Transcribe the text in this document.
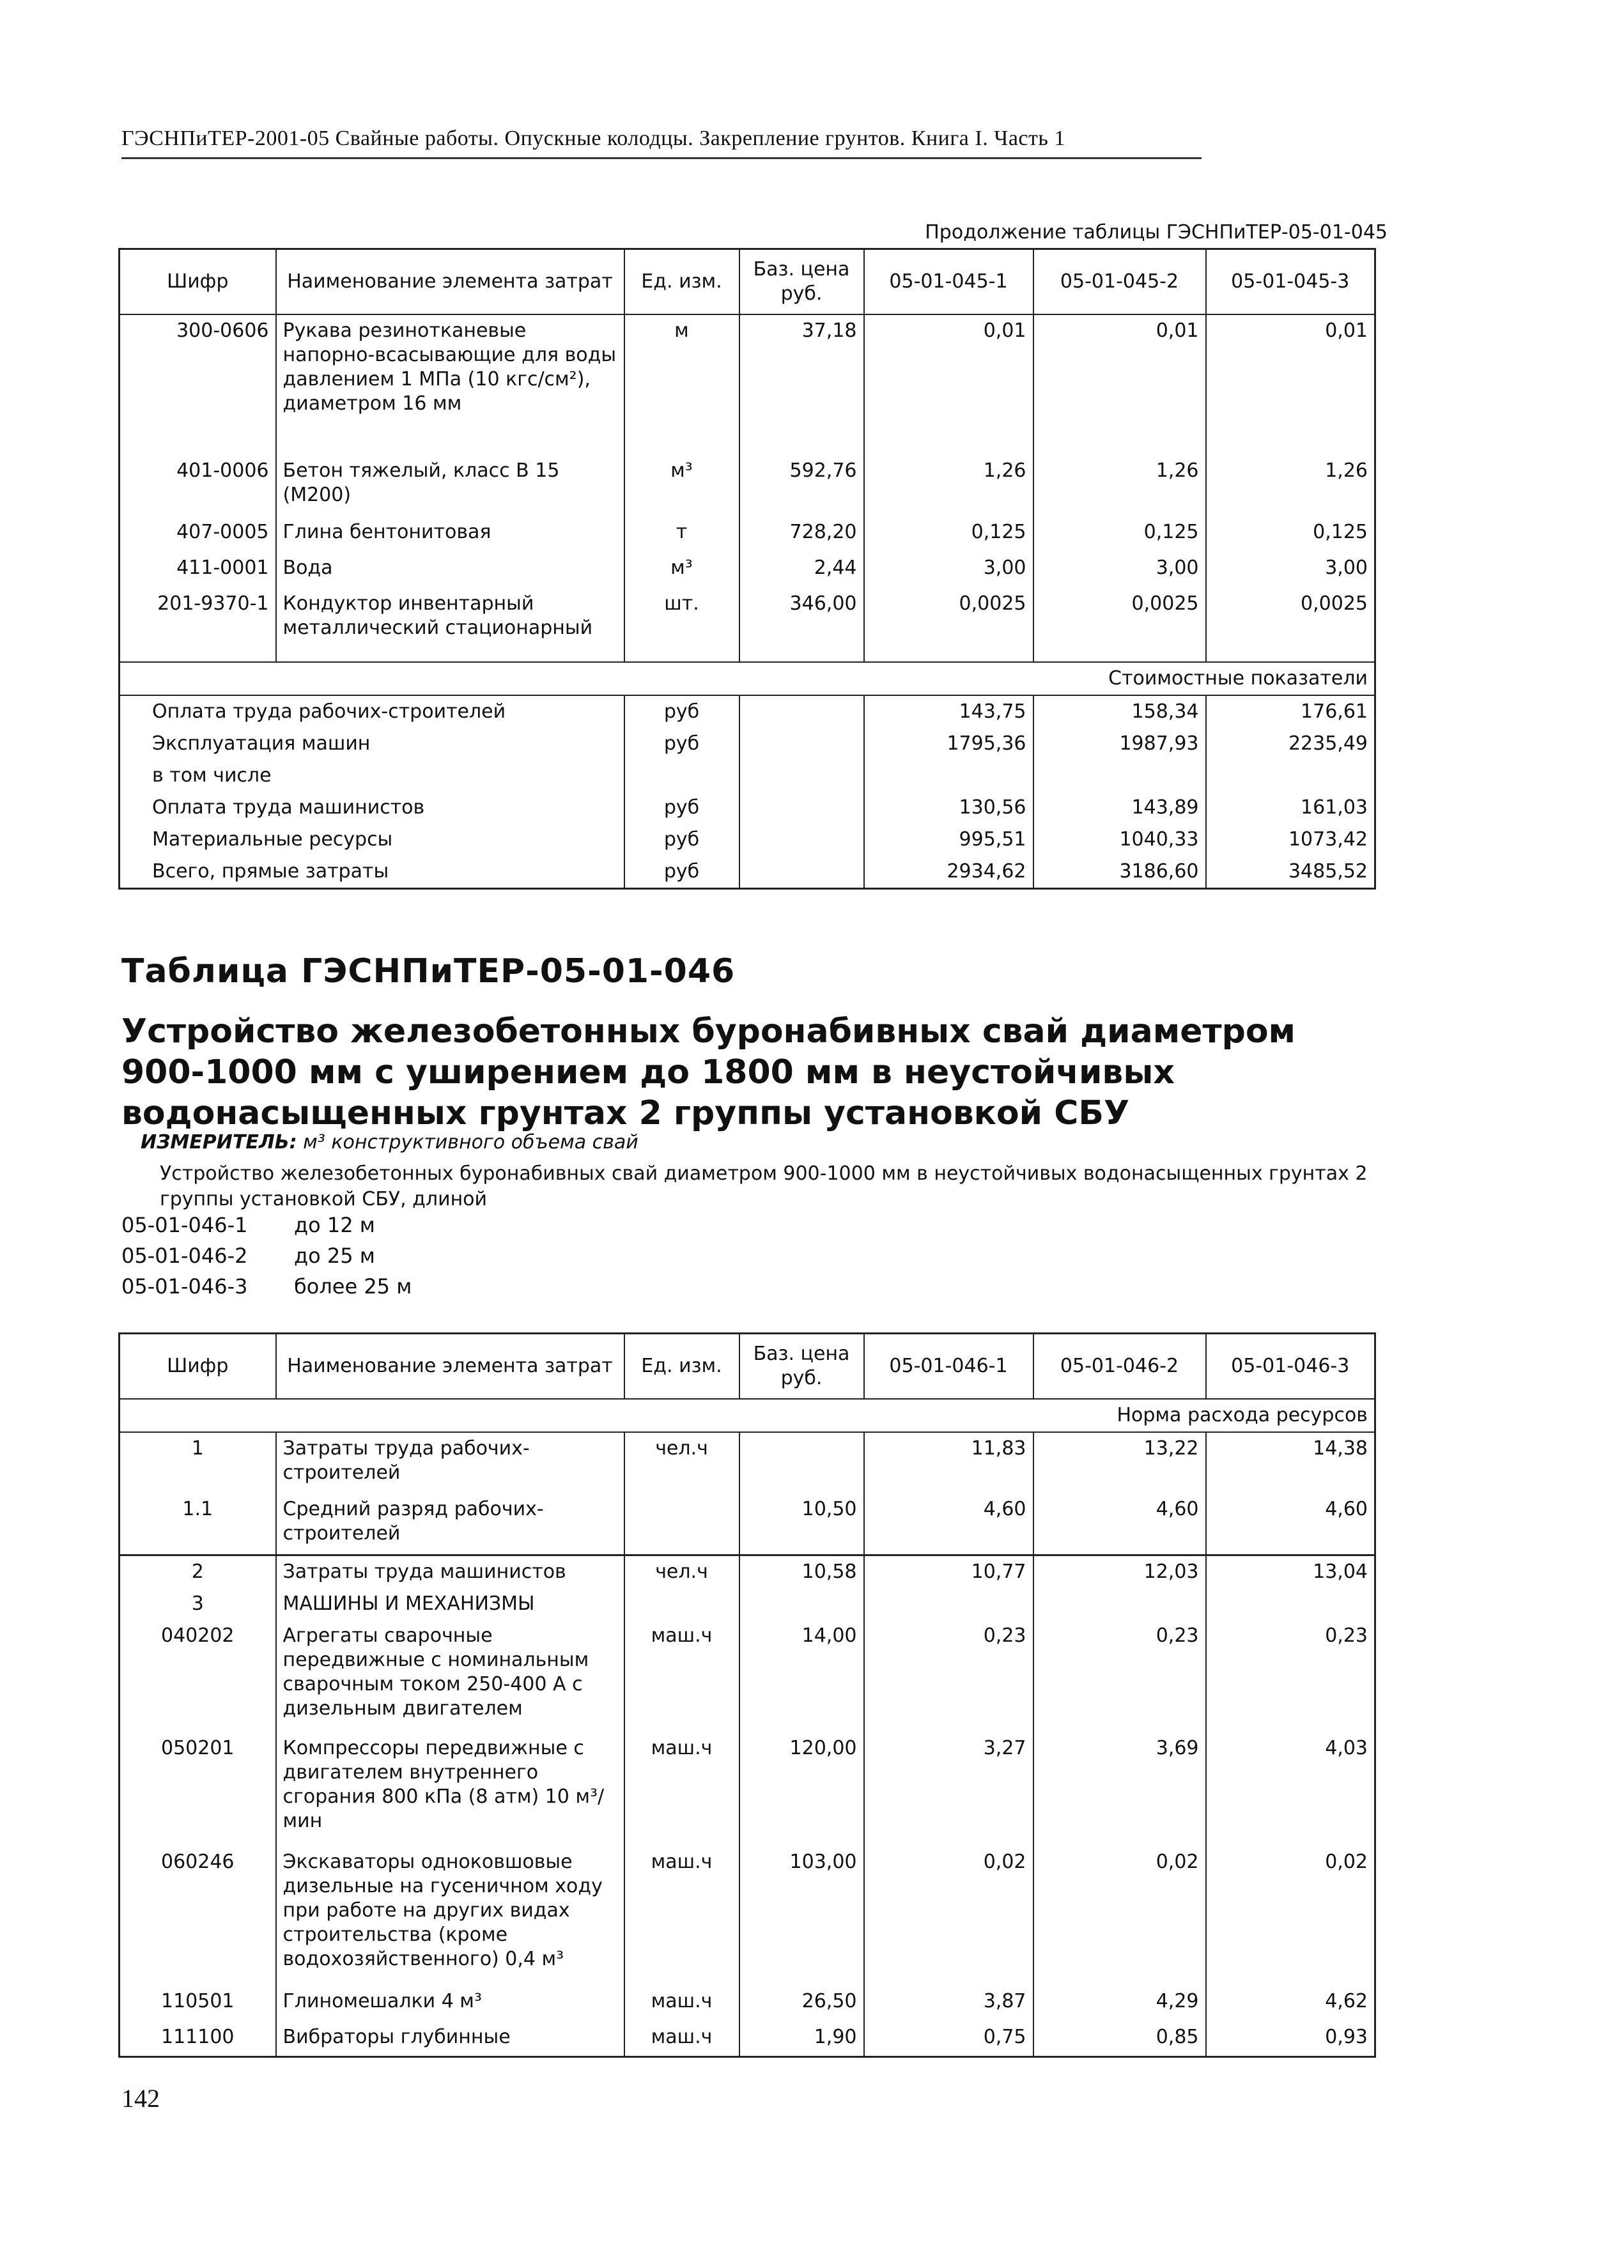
ГЭСНПиТЕР-2001-05 Свайные работы. Опускные колодцы. Закрепление грунтов. Книга I. Часть 1
Продолжение таблицы ГЭСНПиТЕР-05-01-045
Шифр	Наименование элемента затрат	Ед. изм.	Баз. цена руб.	05-01-045-1	05-01-045-2	05-01-045-3
300-0606	Рукава резинотканевые напорно-всасывающие для воды давлением 1 МПа (10 кгс/см²), диаметром 16 мм	м	37,18	0,01	0,01	0,01
401-0006	Бетон тяжелый, класс В 15 (М200)	м³	592,76	1,26	1,26	1,26
407-0005	Глина бентонитовая	т	728,20	0,125	0,125	0,125
411-0001	Вода	м³	2,44	3,00	3,00	3,00
201-9370-1	Кондуктор инвентарный металлический стационарный	шт.	346,00	0,0025	0,0025	0,0025

Стоимостные показатели						
Оплата труда рабочих-строителей		руб		143,75	158,34	176,61
Эксплуатация машин		руб		1795,36	1987,93	2235,49
в том числе						
Оплата труда машинистов		руб		130,56	143,89	161,03
Материальные ресурсы		руб		995,51	1040,33	1073,42
Всего, прямые затраты		руб		2934,62	3186,60	3485,52
Таблица ГЭСНПиТЕР-05-01-046
Устройство железобетонных буронабивных свай диаметром 900-1000 мм с уширением до 1800 мм в неустойчивых водонасыщенных грунтах 2 группы установкой СБУ
ИЗМЕРИТЕЛЬ: м³ конструктивного объема свай
Устройство железобетонных буронабивных свай диаметром 900-1000 мм в неустойчивых водонасыщенных грунтах 2 группы установкой СБУ, длиной
05-01-046-1 до 12 м
05-01-046-2 до 25 м
05-01-046-3 более 25 м
Шифр	Наименование элемента затрат	Ед. изм.	Баз. цена руб.	05-01-046-1	05-01-046-2	05-01-046-3
Норма расхода ресурсов						
1	Затраты труда рабочих-строителей	чел.ч		11,83	13,22	14,38
1.1	Средний разряд рабочих-строителей		10,50	4,60	4,60	4,60
2	Затраты труда машинистов	чел.ч	10,58	10,77	12,03	13,04
3	МАШИНЫ И МЕХАНИЗМЫ					
040202	Агрегаты сварочные передвижные с номинальным сварочным током 250-400 А с дизельным двигателем	маш.ч	14,00	0,23	0,23	0,23
050201	Компрессоры передвижные с двигателем внутреннего сгорания 800 кПа (8 атм) 10 м³/мин	маш.ч	120,00	3,27	3,69	4,03
060246	Экскаваторы одноковшовые дизельные на гусеничном ходу при работе на других видах строительства (кроме водохозяйственного) 0,4 м³	маш.ч	103,00	0,02	0,02	0,02
110501	Глиномешалки 4 м³	маш.ч	26,50	3,87	4,29	4,62
111100	Вибраторы глубинные	маш.ч	1,90	0,75	0,85	0,93
142
